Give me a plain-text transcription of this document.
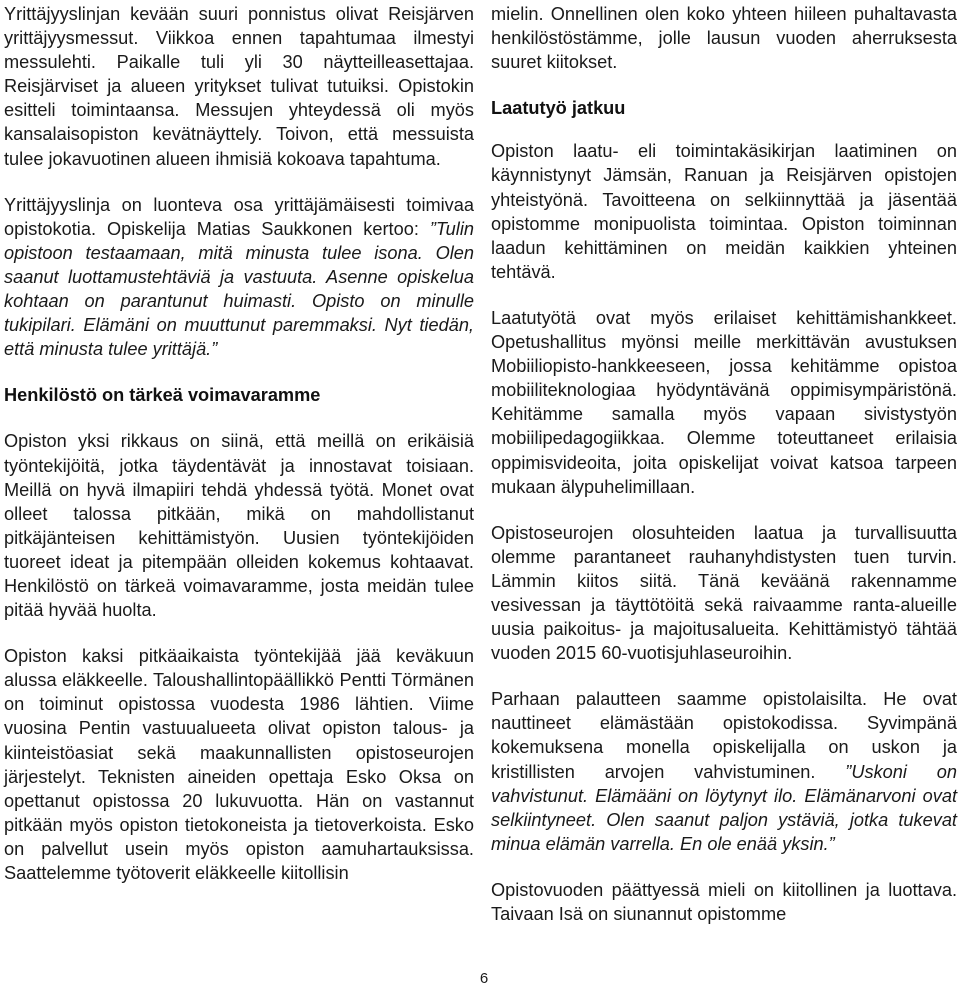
Yrittäjyyslinjan kevään suuri ponnistus olivat Reisjärven yrittäjyysmessut. Viikkoa ennen tapahtumaa ilmestyi messulehti. Paikalle tuli yli 30 näytteilleasettajaa. Reisjärviset ja alueen yritykset tulivat tutuiksi. Opistokin esitteli toimintaansa. Messujen yhteydessä oli myös kansalaisopiston kevätnäyttely. Toivon, että messuista tulee jokavuotinen alueen ihmisiä kokoava tapahtuma.

Yrittäjyyslinja on luonteva osa yrittäjämäisesti toimivaa opistokotia. Opiskelija Matias Saukkonen kertoo: ”Tulin opistoon testaamaan, mitä minusta tulee isona. Olen saanut luottamustehtäviä ja vastuuta. Asenne opiskelua kohtaan on parantunut huimasti. Opisto on minulle tukipilari. Elämäni on muuttunut paremmaksi. Nyt tiedän, että minusta tulee yrittäjä.”

Henkilöstö on tärkeä voimavaramme

Opiston yksi rikkaus on siinä, että meillä on erikäisiä työntekijöitä, jotka täydentävät ja innostavat toisiaan. Meillä on hyvä ilmapiiri tehdä yhdessä työtä. Monet ovat olleet talossa pitkään, mikä on mahdollistanut pitkäjänteisen kehittämistyön. Uusien työntekijöiden tuoreet ideat ja pitempään olleiden kokemus kohtaavat. Henkilöstö on tärkeä voimavaramme, josta meidän tulee pitää hyvää huolta.

Opiston kaksi pitkäaikaista työntekijää jää keväkuun alussa eläkkeelle. Taloushallintopäällikkö Pentti Törmänen on toiminut opistossa vuodesta 1986 lähtien. Viime vuosina Pentin vastuualueeta olivat opiston talous- ja kiinteistöasiat sekä maakunnallisten opistoseurojen järjestelyt. Teknisten aineiden opettaja Esko Oksa on opettanut opistossa 20 lukuvuotta. Hän on vastannut pitkään myös opiston tietokoneista ja tietoverkoista. Esko on palvellut usein myös opiston aamuhartauksissa. Saattelemme työtoverit eläkkeelle kiitollisin

mielin. Onnellinen olen koko yhteen hiileen puhaltavasta henkilöstöstämme, jolle lausun vuoden aherruksesta suuret kiitokset.

Laatutyö jatkuu

Opiston laatu- eli toimintakäsikirjan laatiminen on käynnistynyt Jämsän, Ranuan ja Reisjärven opistojen yhteistyönä. Tavoitteena on selkiinnyttää ja jäsentää opistomme monipuolista toimintaa. Opiston toiminnan laadun kehittäminen on meidän kaikkien yhteinen tehtävä.

Laatutyötä ovat myös erilaiset kehittämishankkeet. Opetushallitus myönsi meille merkittävän avustuksen Mobiiliopisto-hankkeeseen, jossa kehitämme opistoa mobiiliteknologiaa hyödyntävänä oppimisympäristönä. Kehitämme samalla myös vapaan sivistystyön mobiilipedagogiikkaa. Olemme toteuttaneet erilaisia oppimisvideoita, joita opiskelijat voivat katsoa tarpeen mukaan älypuhelimillaan.

Opistoseurojen olosuhteiden laatua ja turvallisuutta olemme parantaneet rauhanyhdistysten tuen turvin. Lämmin kiitos siitä. Tänä keväänä rakennamme vesivessan ja täyttötöitä sekä raivaamme ranta-alueille uusia paikoitus- ja majoitusalueita. Kehittämistyö tähtää vuoden 2015 60-vuotisjuhlaseuroihin.

Parhaan palautteen saamme opistolaisilta. He ovat nauttineet elämästään opistokodissa. Syvimpänä kokemuksena monella opiskelijalla on uskon ja kristillisten arvojen vahvistuminen. ”Uskoni on vahvistunut. Elämääni on löytynyt ilo. Elämänarvoni ovat selkiintyneet. Olen saanut paljon ystäviä, jotka tukevat minua elämän varrella. En ole enää yksin.”

Opistovuoden päättyessä mieli on kiitollinen ja luottava. Taivaan Isä on siunannut opistomme

6
